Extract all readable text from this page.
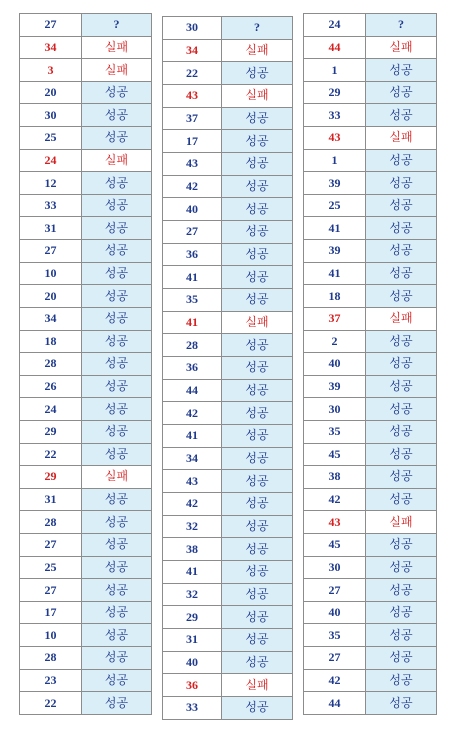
27	?
34	실패
3	실패
20	성공
30	성공
25	성공
24	실패
12	성공
33	성공
31	성공
27	성공
10	성공
20	성공
34	성공
18	성공
28	성공
26	성공
24	성공
29	성공
22	성공
29	실패
31	성공
28	성공
27	성공
25	성공
27	성공
17	성공
10	성공
28	성공
23	성공
22	성공
30	?
34	실패
22	성공
43	실패
37	성공
17	성공
43	성공
42	성공
40	성공
27	성공
36	성공
41	성공
35	성공
41	실패
28	성공
36	성공
44	성공
42	성공
41	성공
34	성공
43	성공
42	성공
32	성공
38	성공
41	성공
32	성공
29	성공
31	성공
40	성공
36	실패
33	성공
24	?
44	실패
1	성공
29	성공
33	성공
43	실패
1	성공
39	성공
25	성공
41	성공
39	성공
41	성공
18	성공
37	실패
2	성공
40	성공
39	성공
30	성공
35	성공
45	성공
38	성공
42	성공
43	실패
45	성공
30	성공
27	성공
40	성공
35	성공
27	성공
42	성공
44	성공
